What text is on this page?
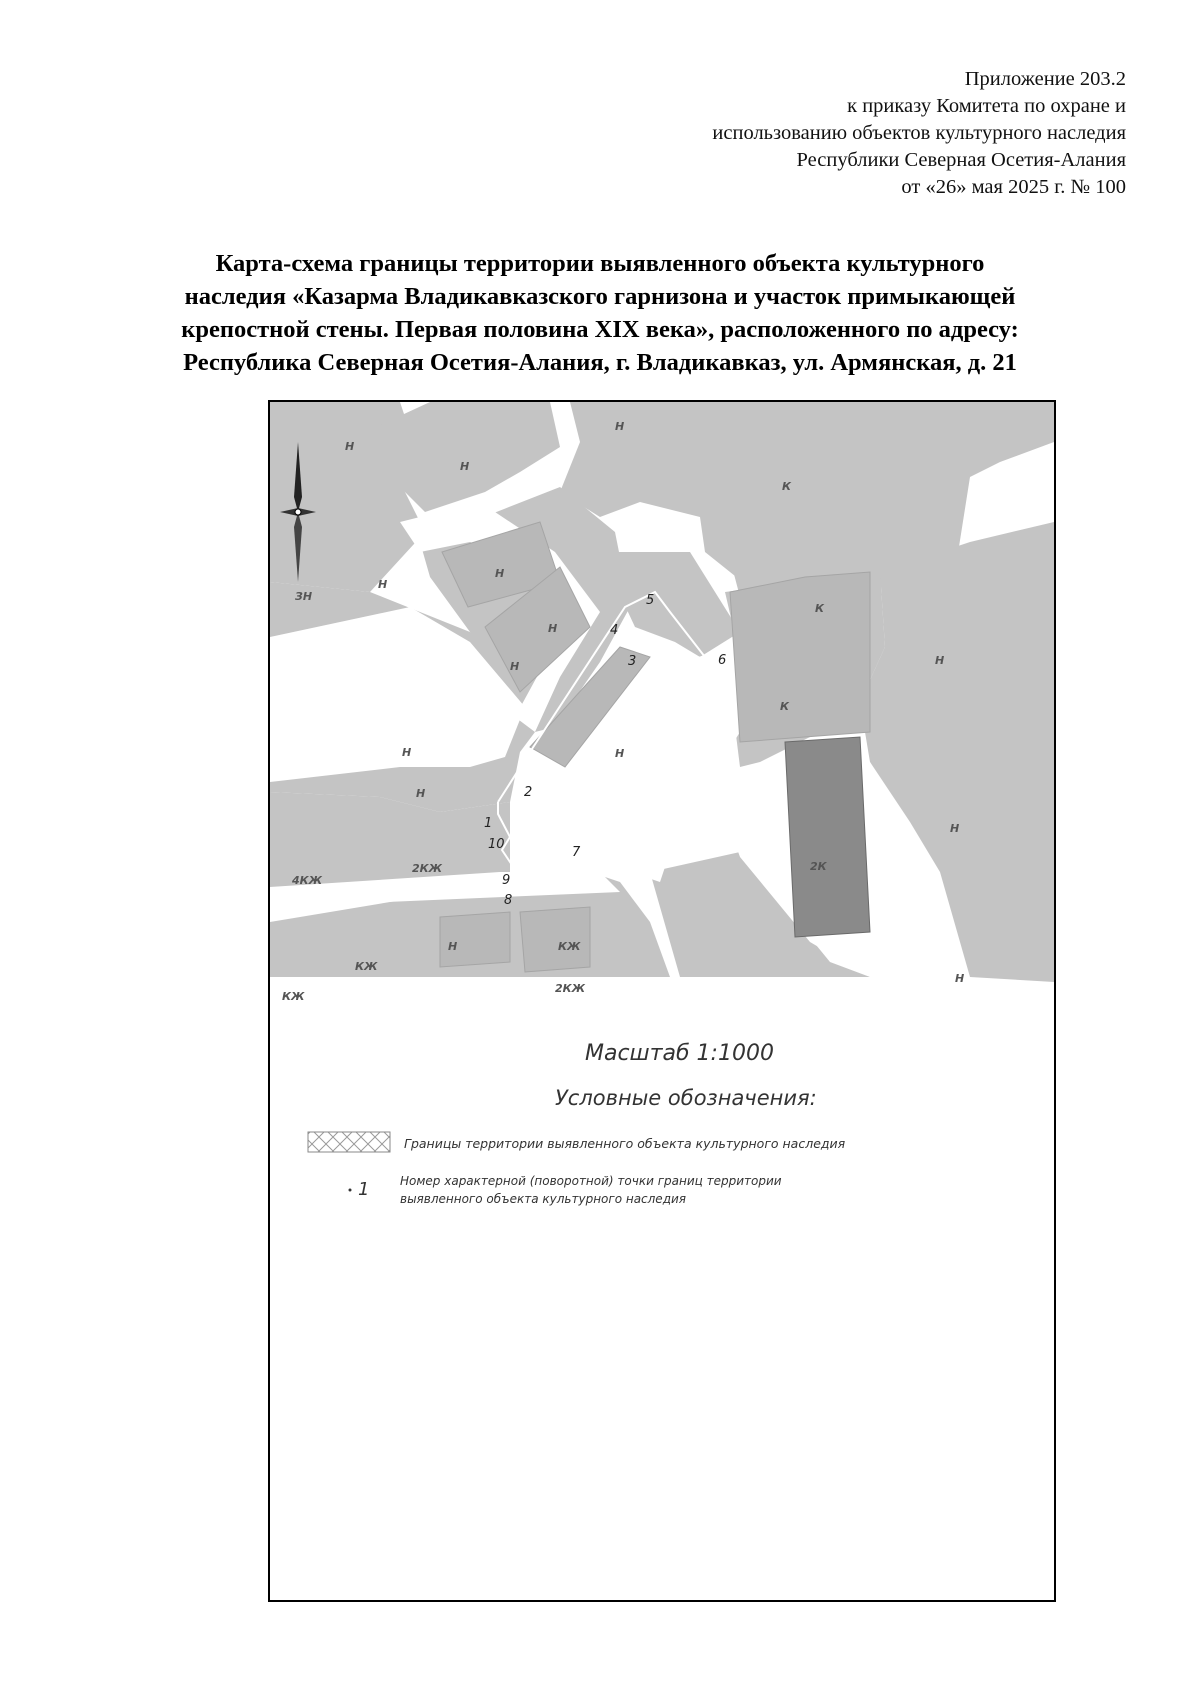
Приложение 203.2
к приказу Комитета по охране и
использованию объектов культурного наследия
Республики Северная Осетия-Алания
от «26» мая 2025 г. № 100
Карта-схема границы территории выявленного объекта культурного
наследия «Казарма Владикавказского гарнизона и участок примыкающей
крепостной стены. Первая половина XIX века», расположенного по адресу:
Республика Северная Осетия-Алания, г. Владикавказ, ул. Армянская, д. 21
Н
Н
Н
К
ЗН
Н
Н
Н
Н
К
Н
К
Н
Н
Н
Н
4КЖ
2КЖ	2К
Н
КЖ
КЖ
КЖ
2КЖ
Н
1
2
3
4
5
6
7
8
9
10
Масштаб 1:1000
Условные обозначения:
Границы территории выявленного объекта культурного наследия
1	Номер характерной (поворотной) точки границ территории
выявленного объекта культурного наследия
